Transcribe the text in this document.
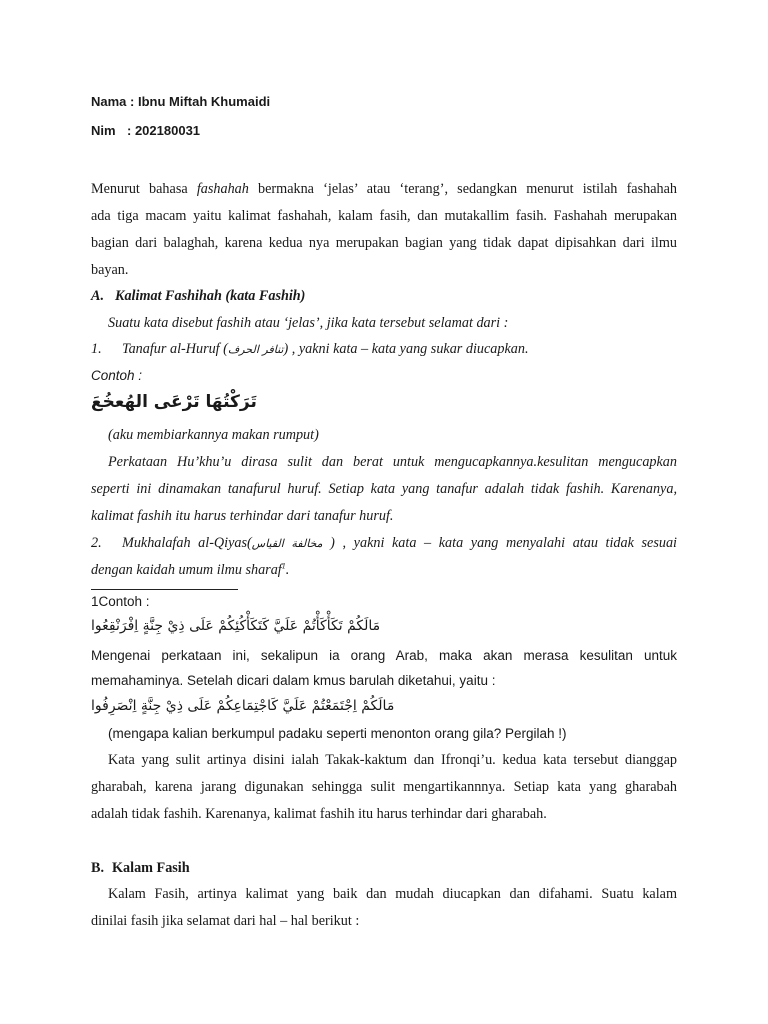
Nama : Ibnu Miftah Khumaidi
Nim : 202180031
Menurut bahasa fashahah bermakna ‘jelas’ atau ‘terang’, sedangkan menurut istilah fashahah
ada tiga macam yaitu kalimat fashahah, kalam fasih, dan mutakallim fasih. Fashahah merupakan
bagian dari balaghah, karena kedua nya merupakan bagian yang tidak dapat dipisahkan dari ilmu
bayan.
A. Kalimat Fashihah (kata Fashih)
Suatu kata disebut fashih atau ‘jelas’, jika kata tersebut selamat dari :
1. Tanafur al-Huruf (تنافر الحرف) , yakni kata – kata yang sukar diucapkan.
Contoh :
تَرَكْتُهَا تَرْعَى الهُعخُعَ
(aku membiarkannya makan rumput)
Perkataan Hu’khu’u dirasa sulit dan berat untuk mengucapkannya.kesulitan mengucapkan
seperti ini dinamakan tanafurul huruf. Setiap kata yang tanafur adalah tidak fashih. Karenanya,
kalimat fashih itu harus terhindar dari tanafur huruf.
2. Mukhalafah al-Qiyas(مخالفة القياس ) , yakni kata – kata yang menyalahi atau tidak sesuai
dengan kaidah umum ilmu sharaf$^1$.
1Contoh :
مَالَكُمْ تَكَأْكَأْتُمْ عَلَيَّ كَتَكَأْكُئِكُمْ عَلَى ذِيْ جِنَّةٍ اِفْرَنْقِعُوا
Mengenai perkataan ini, sekalipun ia orang Arab, maka akan merasa kesulitan untuk
memahaminya. Setelah dicari dalam kmus barulah diketahui, yaitu :
مَالَكُمْ اِجْتَمَعْتُمْ عَلَيَّ كَاجْتِمَاعِكُمْ عَلَى ذِيْ جِنَّةٍ اِنْصَرِفُوا
(mengapa kalian berkumpul padaku seperti menonton orang gila? Pergilah !)
Kata yang sulit artinya disini ialah Takak-kaktum dan Ifronqi’u. kedua kata tersebut dianggap
gharabah, karena jarang digunakan sehingga sulit mengartikannnya. Setiap kata yang gharabah
adalah tidak fashih. Karenanya, kalimat fashih itu harus terhindar dari gharabah.
B. Kalam Fasih
Kalam Fasih, artinya kalimat yang baik dan mudah diucapkan dan difahami. Suatu kalam
dinilai fasih jika selamat dari hal – hal berikut :
